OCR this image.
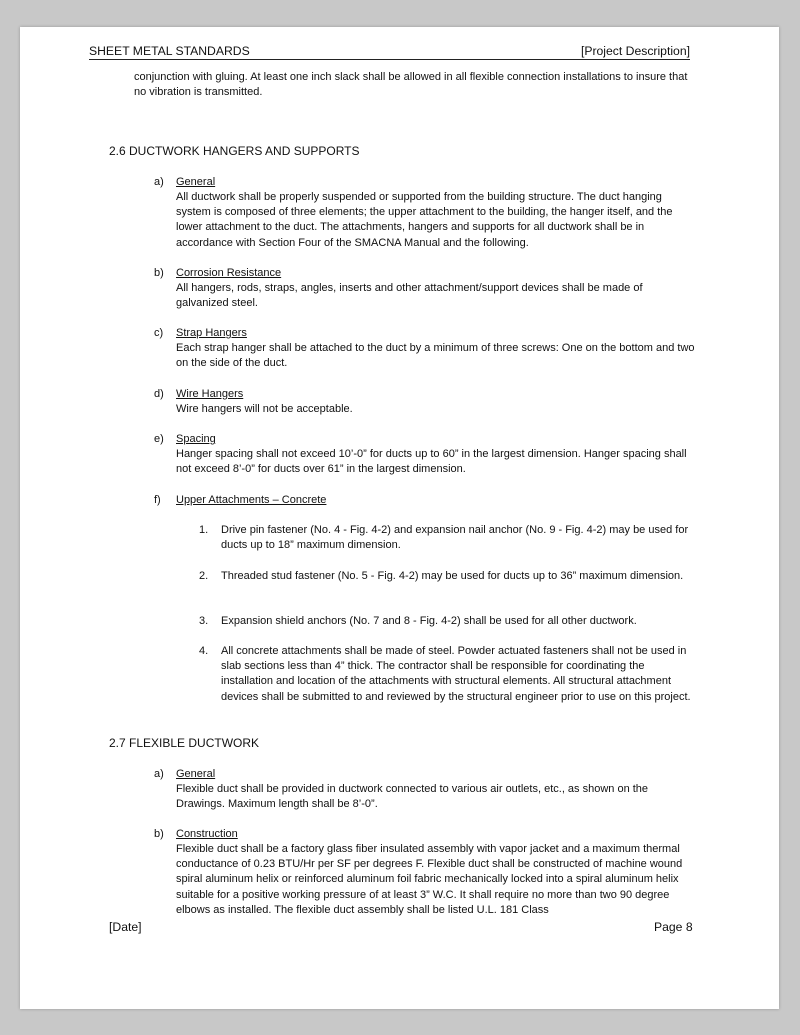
SHEET METAL STANDARDS	[Project Description]
conjunction with gluing. At least one inch slack shall be allowed in all flexible connection installations to insure that no vibration is transmitted.
2.6 DUCTWORK HANGERS AND SUPPORTS
a)	General
All ductwork shall be properly suspended or supported from the building structure. The duct hanging system is composed of three elements; the upper attachment to the building, the hanger itself, and the lower attachment to the duct. The attachments, hangers and supports for all ductwork shall be in accordance with Section Four of the SMACNA Manual and the following.
b)	Corrosion Resistance
All hangers, rods, straps, angles, inserts and other attachment/support devices shall be made of galvanized steel.
c)	Strap Hangers
Each strap hanger shall be attached to the duct by a minimum of three screws: One on the bottom and two on the side of the duct.
d)	Wire Hangers
Wire hangers will not be acceptable.
e)	Spacing
Hanger spacing shall not exceed 10’-0” for ducts up to 60” in the largest dimension. Hanger spacing shall not exceed 8’-0” for ducts over 61” in the largest dimension.
f)	Upper Attachments – Concrete
1. Drive pin fastener (No. 4 - Fig. 4-2) and expansion nail anchor (No. 9 - Fig. 4-2) may be used for ducts up to 18” maximum dimension.
2. Threaded stud fastener (No. 5 - Fig. 4-2) may be used for ducts up to 36” maximum dimension.
3. Expansion shield anchors (No. 7 and 8 - Fig. 4-2) shall be used for all other ductwork.
4. All concrete attachments shall be made of steel. Powder actuated fasteners shall not be used in slab sections less than 4” thick. The contractor shall be responsible for coordinating the installation and location of the attachments with structural elements. All structural attachment devices shall be submitted to and reviewed by the structural engineer prior to use on this project.
2.7 FLEXIBLE DUCTWORK
a)	General
Flexible duct shall be provided in ductwork connected to various air outlets, etc., as shown on the Drawings. Maximum length shall be 8’-0”.
b)	Construction
Flexible duct shall be a factory glass fiber insulated assembly with vapor jacket and a maximum thermal conductance of 0.23 BTU/Hr per SF per degrees F. Flexible duct shall be constructed of machine wound spiral aluminum helix or reinforced aluminum foil fabric mechanically locked into a spiral aluminum helix suitable for a positive working pressure of at least 3” W.C. It shall require no more than two 90 degree elbows as installed. The flexible duct assembly shall be listed U.L. 181 Class
[Date]	Page 8
